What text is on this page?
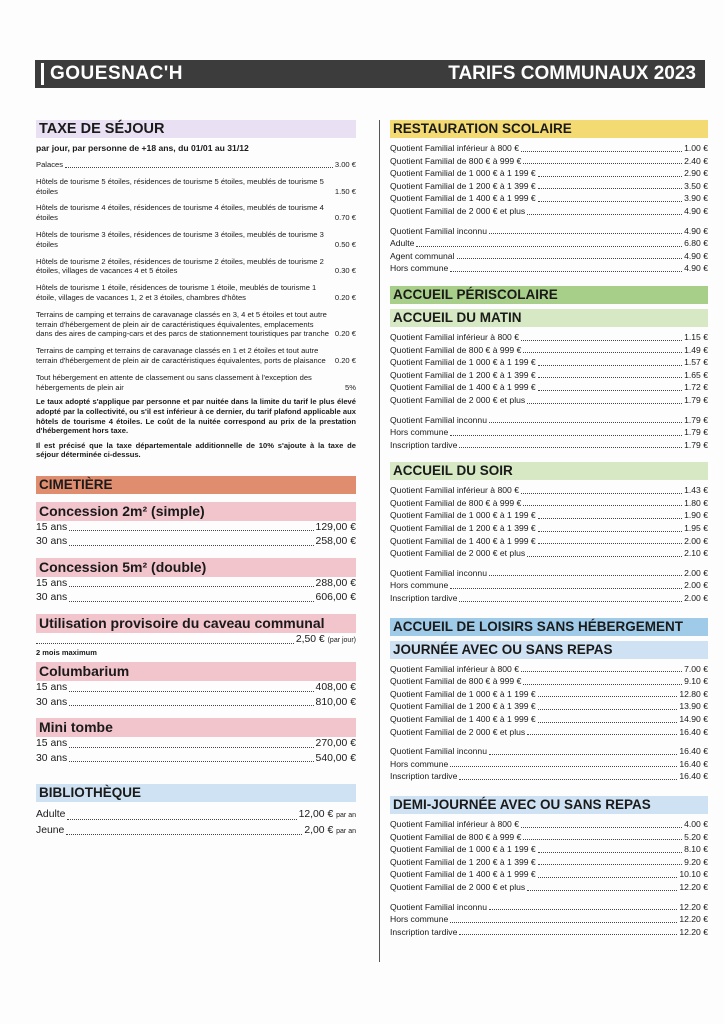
GOUESNAC'H	TARIFS COMMUNAUX 2023
TAXE DE SÉJOUR
par jour, par personne de +18 ans, du 01/01 au 31/12
Palaces	3.00 €
Hôtels de tourisme 5 étoiles, résidences de tourisme 5 étoiles, meublés de tourisme 5 étoiles	1.50 €
Hôtels de tourisme 4 étoiles, résidences de tourisme 4 étoiles, meublés de tourisme 4 étoiles	0.70 €
Hôtels de tourisme 3 étoiles, résidences de tourisme 3 étoiles, meublés de tourisme 3 étoiles	0.50 €
Hôtels de tourisme 2 étoiles, résidences de tourisme 2 étoiles, meublés de tourisme 2 étoiles, villages de vacances 4 et 5 étoiles	0.30 €
Hôtels de tourisme 1 étoile, résidences de tourisme 1 étoile, meublés de tourisme 1 étoile, villages de vacances 1, 2 et 3 étoiles, chambres d'hôtes	0.20 €
Terrains de camping et terrains de caravanage classés en 3, 4 et 5 étoiles et tout autre terrain d'hébergement de plein air de caractéristiques équivalentes, emplacements dans des aires de camping-cars et des parcs de stationnement touristiques par tranche 0.20 €
Terrains de camping et terrains de caravanage classés en 1 et 2 étoiles et tout autre terrain d'hébergement de plein air de caractéristiques équivalentes, ports de plaisance	0.20 €
Tout hébergement en attente de classement ou sans classement à l'exception des hébergements de plein air	5%
Le taux adopté s'applique par personne et par nuitée dans la limite du tarif le plus élevé adopté par la collectivité, ou s'il est inférieur à ce dernier, du tarif plafond applicable aux hôtels de tourisme 4 étoiles. Le coût de la nuitée correspond au prix de la prestation d'hébergement hors taxe.
Il est précisé que la taxe départementale additionnelle de 10% s'ajoute à la taxe de séjour déterminée ci-dessus.
CIMETIÈRE
Concession 2m² (simple)
15 ans	129,00 €
30 ans	258,00 €
Concession 5m² (double)
15 ans	288,00 €
30 ans	606,00 €
Utilisation provisoire du caveau communal
2,50 € (par jour)
2 mois maximum
Columbarium
15 ans	408,00 €
30 ans	810,00 €
Mini tombe
15 ans	270,00 €
30 ans	540,00 €
BIBLIOTHÈQUE
Adulte	12,00 € par an
Jeune	2,00 € par an
RESTAURATION SCOLAIRE
Quotient Familial inférieur à 800 €	1.00 €
Quotient Familial de 800 € à 999 €	2.40 €
Quotient Familial de 1 000 € à 1 199 €	2.90 €
Quotient Familial de 1 200 € à 1 399 €	3.50 €
Quotient Familial de 1 400 € à 1 999 €	3.90 €
Quotient Familial de 2 000 € et plus	4.90 €
Quotient Familial inconnu	4.90 €
Adulte	6.80 €
Agent communal	4.90 €
Hors commune	4.90 €
ACCUEIL PÉRISCOLAIRE
ACCUEIL DU MATIN
Quotient Familial inférieur à 800 €	1.15 €
Quotient Familial de 800 € à 999 €	1.49 €
Quotient Familial de 1 000 € à 1 199 €	1.57 €
Quotient Familial de 1 200 € à 1 399 €	1.65 €
Quotient Familial de 1 400 € à 1 999 €	1.72 €
Quotient Familial de 2 000 € et plus	1.79 €
Quotient Familial inconnu	1.79 €
Hors commune	1.79 €
Inscription tardive	1.79 €
ACCUEIL DU SOIR
Quotient Familial inférieur à 800 €	1.43 €
Quotient Familial de 800 € à 999 €	1.80 €
Quotient Familial de 1 000 € à 1 199 €	1.90 €
Quotient Familial de 1 200 € à 1 399 €	1.95 €
Quotient Familial de 1 400 € à 1 999 €	2.00 €
Quotient Familial de 2 000 € et plus	2.10 €
Quotient Familial inconnu	2.00 €
Hors commune	2.00 €
Inscription tardive	2.00 €
ACCUEIL DE LOISIRS SANS HÉBERGEMENT
JOURNÉE AVEC OU SANS REPAS
Quotient Familial inférieur à 800 €	7.00 €
Quotient Familial de 800 € à 999 €	9.10 €
Quotient Familial de 1 000 € à 1 199 €	12.80 €
Quotient Familial de 1 200 € à 1 399 €	13.90 €
Quotient Familial de 1 400 € à 1 999 €	14.90 €
Quotient Familial de 2 000 € et plus	16.40 €
Quotient Familial inconnu	16.40 €
Hors commune	16.40 €
Inscription tardive	16.40 €
DEMI-JOURNÉE AVEC OU SANS REPAS
Quotient Familial inférieur à 800 €	4.00 €
Quotient Familial de 800 € à 999 €	5.20 €
Quotient Familial de 1 000 € à 1 199 €	8.10 €
Quotient Familial de 1 200 € à 1 399 €	9.20 €
Quotient Familial de 1 400 € à 1 999 €	10.10 €
Quotient Familial de 2 000 € et plus	12.20 €
Quotient Familial inconnu	12.20 €
Hors commune	12.20 €
Inscription tardive	12.20 €
